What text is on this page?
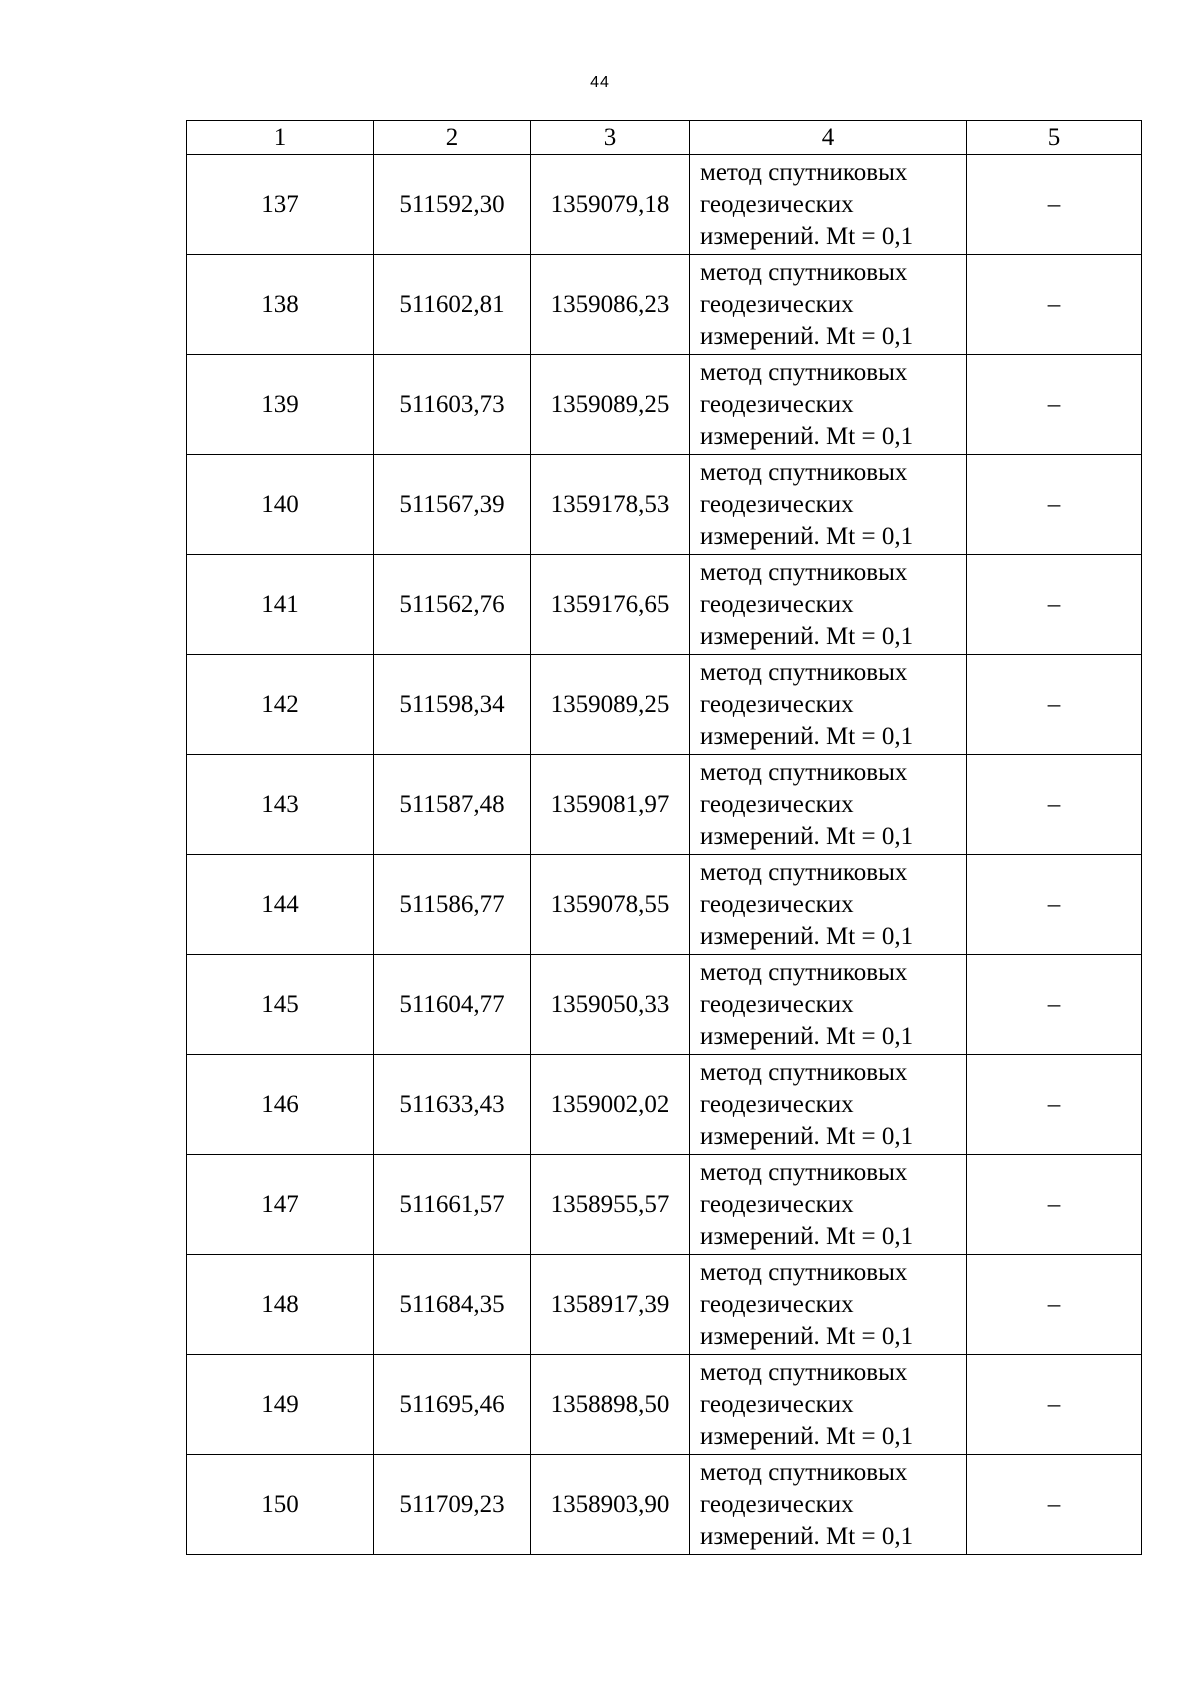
44
1	2	3	4	5
137	511592,30	1359079,18	метод спутниковых
геодезических
измерений. Mt = 0,1	–
138	511602,81	1359086,23	метод спутниковых
геодезических
измерений. Mt = 0,1	–
139	511603,73	1359089,25	метод спутниковых
геодезических
измерений. Mt = 0,1	–
140	511567,39	1359178,53	метод спутниковых
геодезических
измерений. Mt = 0,1	–
141	511562,76	1359176,65	метод спутниковых
геодезических
измерений. Mt = 0,1	–
142	511598,34	1359089,25	метод спутниковых
геодезических
измерений. Mt = 0,1	–
143	511587,48	1359081,97	метод спутниковых
геодезических
измерений. Mt = 0,1	–
144	511586,77	1359078,55	метод спутниковых
геодезических
измерений. Mt = 0,1	–
145	511604,77	1359050,33	метод спутниковых
геодезических
измерений. Mt = 0,1	–
146	511633,43	1359002,02	метод спутниковых
геодезических
измерений. Mt = 0,1	–
147	511661,57	1358955,57	метод спутниковых
геодезических
измерений. Mt = 0,1	–
148	511684,35	1358917,39	метод спутниковых
геодезических
измерений. Mt = 0,1	–
149	511695,46	1358898,50	метод спутниковых
геодезических
измерений. Mt = 0,1	–
150	511709,23	1358903,90	метод спутниковых
геодезических
измерений. Mt = 0,1	–
